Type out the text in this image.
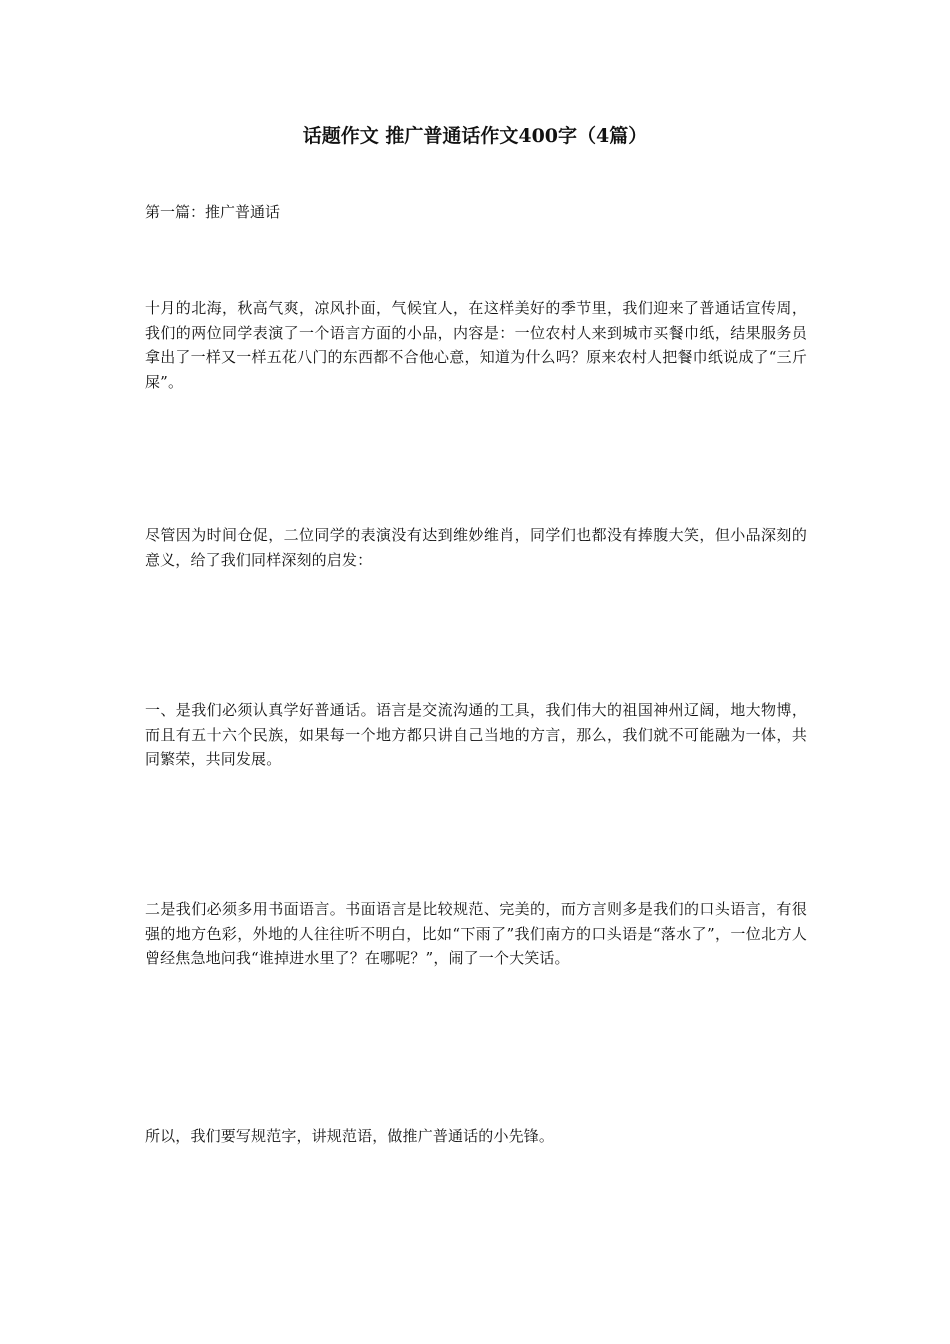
话题作文 推广普通话作文400字（4篇）

第一篇：推广普通话

十月的北海，秋高气爽，凉风扑面，气候宜人，在这样美好的季节里，我们迎来了普通话宣传周，我们的两位同学表演了一个语言方面的小品，内容是：一位农村人来到城市买餐巾纸，结果服务员拿出了一样又一样五花八门的东西都不合他心意，知道为什么吗？原来农村人把餐巾纸说成了“三斤屎”。

尽管因为时间仓促，二位同学的表演没有达到维妙维肖，同学们也都没有捧腹大笑，但小品深刻的意义，给了我们同样深刻的启发：

一、是我们必须认真学好普通话。语言是交流沟通的工具，我们伟大的祖国神州辽阔，地大物博，而且有五十六个民族，如果每一个地方都只讲自己当地的方言，那么，我们就不可能融为一体，共同繁荣，共同发展。

二是我们必须多用书面语言。书面语言是比较规范、完美的，而方言则多是我们的口头语言，有很强的地方色彩，外地的人往往听不明白，比如“下雨了”我们南方的口头语是“落水了”，一位北方人曾经焦急地问我“谁掉进水里了？在哪呢？”，闹了一个大笑话。

所以，我们要写规范字，讲规范语，做推广普通话的小先锋。
